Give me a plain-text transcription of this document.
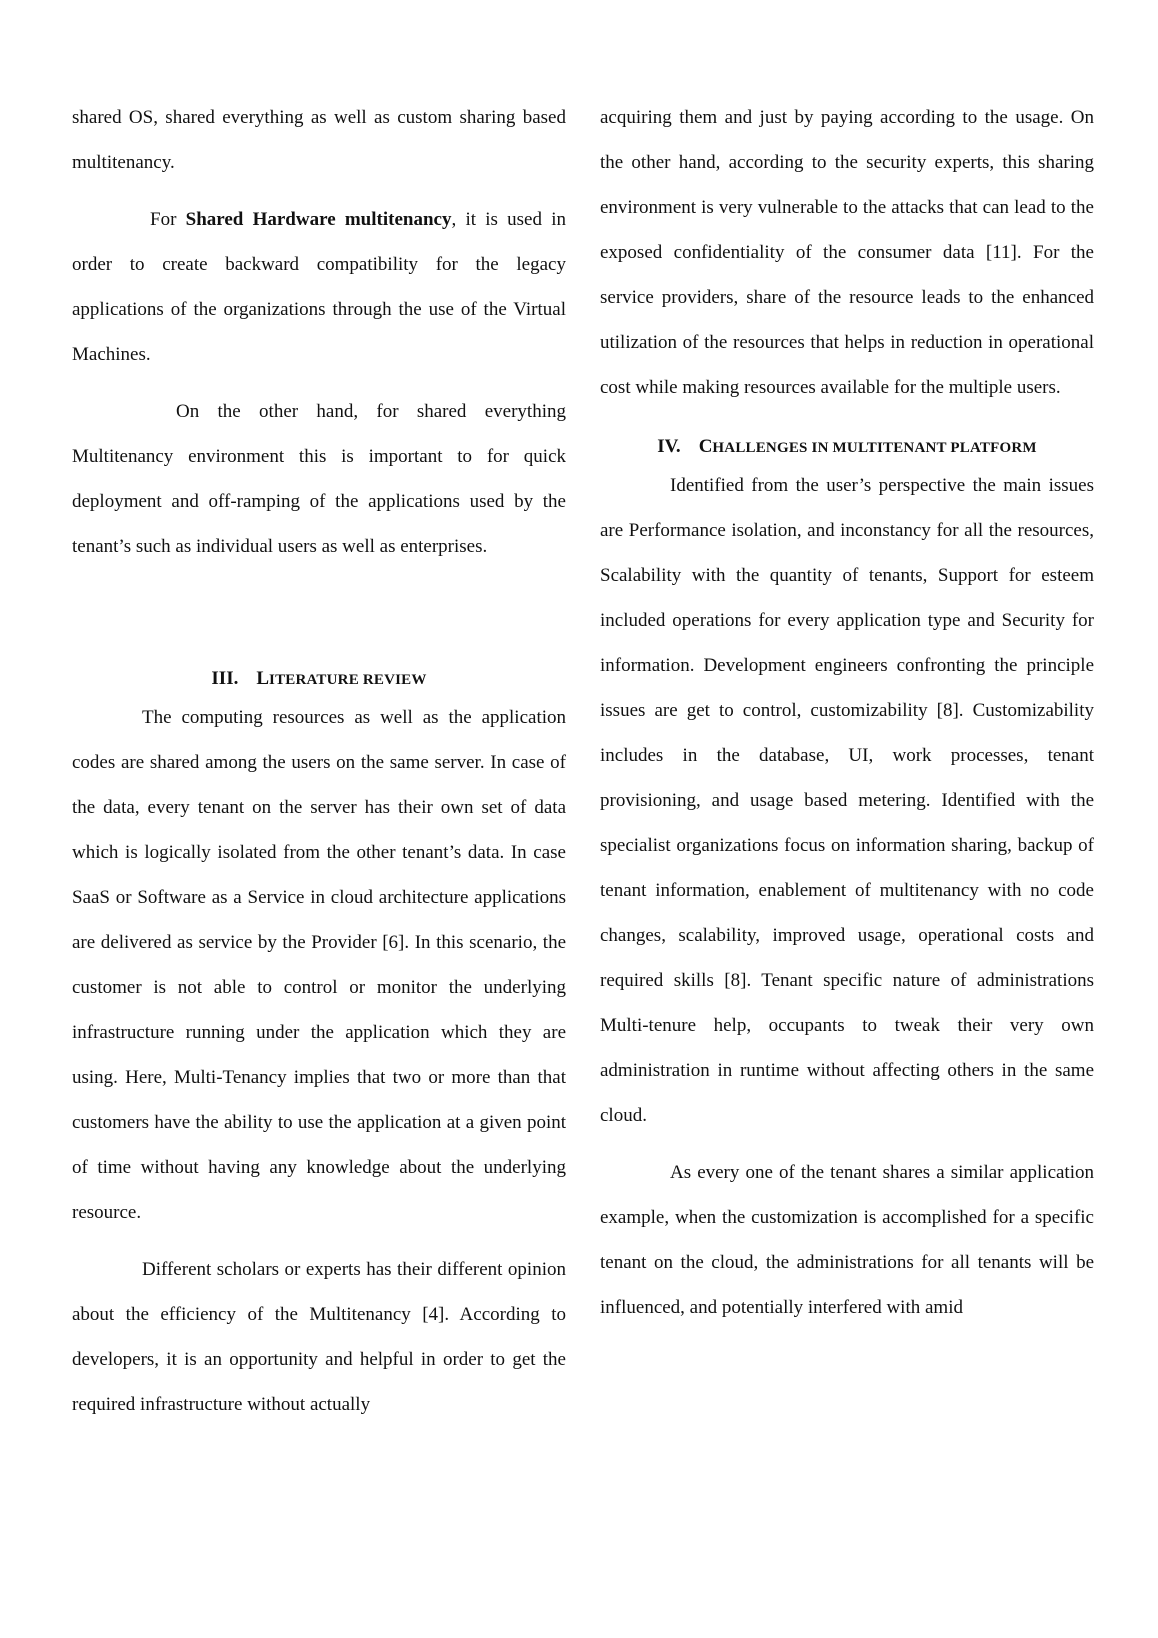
shared OS, shared everything as well as custom sharing based multitenancy.

For Shared Hardware multitenancy, it is used in order to create backward compatibility for the legacy applications of the organizations through the use of the Virtual Machines.

On the other hand, for shared everything Multitenancy environment this is important to for quick deployment and off-ramping of the applications used by the tenant’s such as individual users as well as enterprises.

III. LITERATURE REVIEW

The computing resources as well as the application codes are shared among the users on the same server. In case of the data, every tenant on the server has their own set of data which is logically isolated from the other tenant’s data. In case SaaS or Software as a Service in cloud architecture applications are delivered as service by the Provider [6]. In this scenario, the customer is not able to control or monitor the underlying infrastructure running under the application which they are using. Here, Multi-Tenancy implies that two or more than that customers have the ability to use the application at a given point of time without having any knowledge about the underlying resource.

Different scholars or experts has their different opinion about the efficiency of the Multitenancy [4]. According to developers, it is an opportunity and helpful in order to get the required infrastructure without actually

acquiring them and just by paying according to the usage. On the other hand, according to the security experts, this sharing environment is very vulnerable to the attacks that can lead to the exposed confidentiality of the consumer data [11]. For the service providers, share of the resource leads to the enhanced utilization of the resources that helps in reduction in operational cost while making resources available for the multiple users.

IV. CHALLENGES IN MULTITENANT PLATFORM

Identified from the user’s perspective the main issues are Performance isolation, and inconstancy for all the resources, Scalability with the quantity of tenants, Support for esteem included operations for every application type and Security for information. Development engineers confronting the principle issues are get to control, customizability [8]. Customizability includes in the database, UI, work processes, tenant provisioning, and usage based metering. Identified with the specialist organizations focus on information sharing, backup of tenant information, enablement of multitenancy with no code changes, scalability, improved usage, operational costs and required skills [8]. Tenant specific nature of administrations Multi-tenure help, occupants to tweak their very own administration in runtime without affecting others in the same cloud.

As every one of the tenant shares a similar application example, when the customization is accomplished for a specific tenant on the cloud, the administrations for all tenants will be influenced, and potentially interfered with amid
